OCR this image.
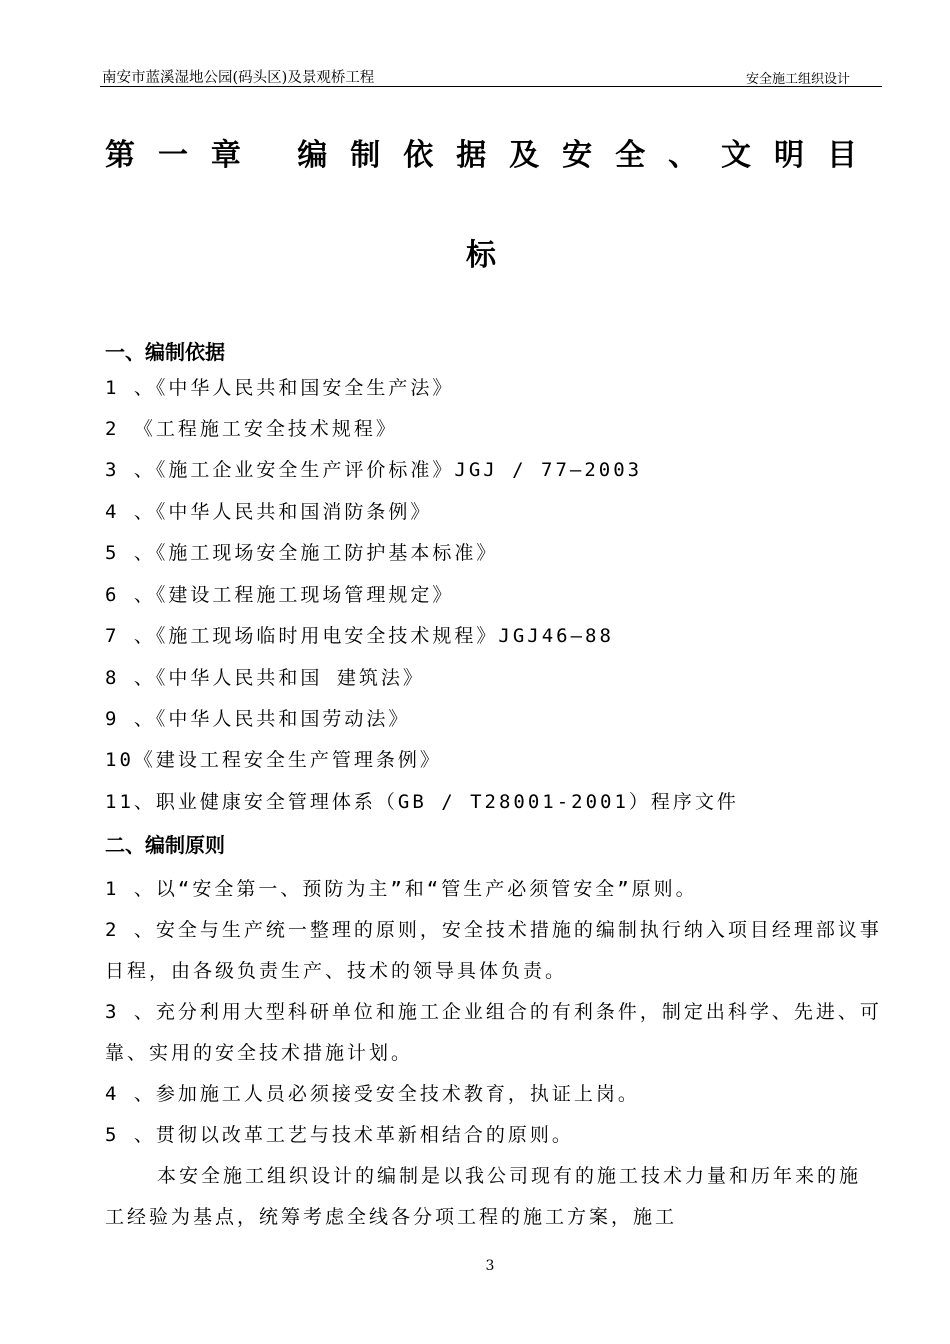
南安市蓝溪湿地公园(码头区)及景观桥工程	安全施工组织设计
第一章 编制依据及安全、文明目
标
一、编制依据
1 、《中华人民共和国安全生产法》
2 《工程施工安全技术规程》
3 、《施工企业安全生产评价标准》JGJ / 77—2003
4 、《中华人民共和国消防条例》
5 、《施工现场安全施工防护基本标准》
6 、《建设工程施工现场管理规定》
7 、《施工现场临时用电安全技术规程》JGJ46—88
8 、《中华人民共和国 建筑法》
9 、《中华人民共和国劳动法》
10《建设工程安全生产管理条例》
11、职业健康安全管理体系（GB / T28001-2001）程序文件
二、编制原则
1 、以“安全第一、预防为主”和“管生产必须管安全”原则。
2 、安全与生产统一整理的原则，安全技术措施的编制执行纳入项目经理部议事日程，由各级负责生产、技术的领导具体负责。
3 、充分利用大型科研单位和施工企业组合的有利条件，制定出科学、先进、可靠、实用的安全技术措施计划。
4 、参加施工人员必须接受安全技术教育，执证上岗。
5 、贯彻以改革工艺与技术革新相结合的原则。
本安全施工组织设计的编制是以我公司现有的施工技术力量和历年来的施工经验为基点，统筹考虑全线各分项工程的施工方案，施工
3
